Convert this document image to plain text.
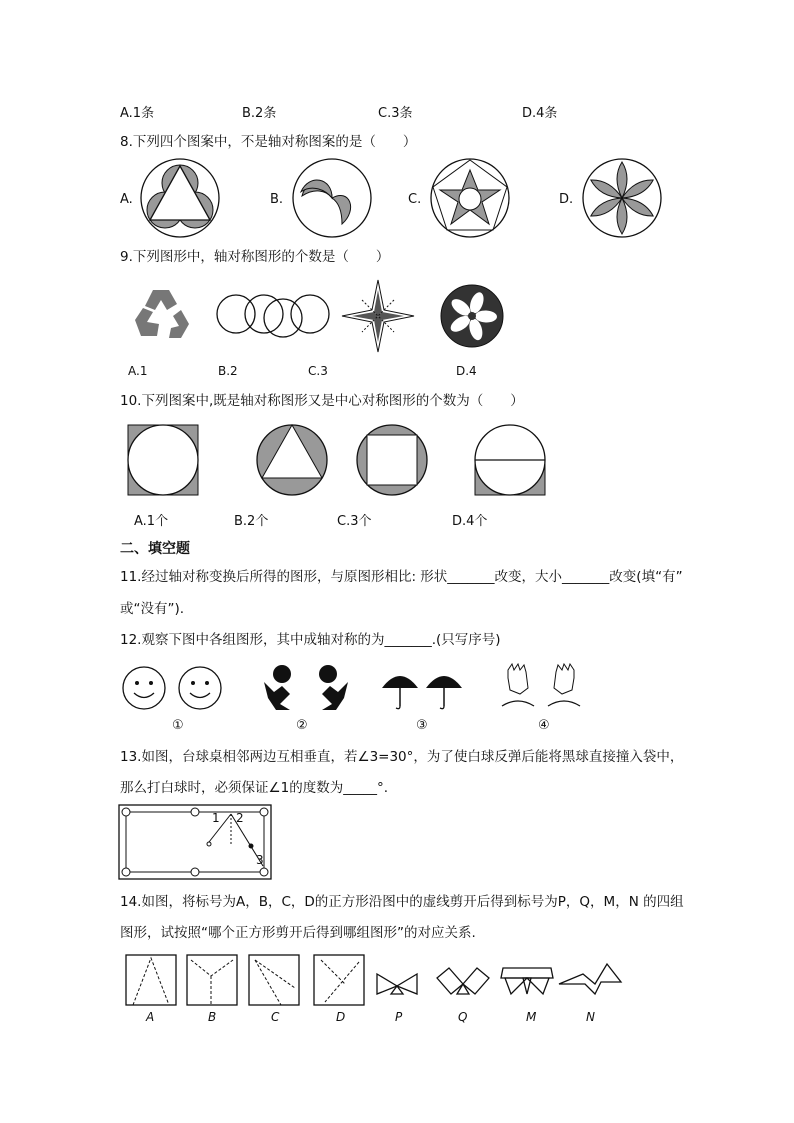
A.1条	B.2条	C.3条	D.4条
8.下列四个图案中，不是轴对称图案的是（　　）
A.	B.	C.	D.
9.下列图形中，轴对称图形的个数是（　　）
A.1	B.2	C.3	D.4
10.下列图案中,既是轴对称图形又是中心对称图形的个数为（　　）
A.1个	B.2个	C.3个	D.4个
二、填空题
11.经过轴对称变换后所得的图形，与原图形相比: 形状_______改变，大小_______改变(填“有”
或“没有”).
12.观察下图中各组图形，其中成轴对称的为_______.(只写序号)
①	②	③	④
13.如图，台球桌相邻两边互相垂直，若∠3=30°，为了使白球反弹后能将黑球直接撞入袋中，
那么打白球时，必须保证∠1的度数为_____°.
1 2
3
14.如图，将标号为A，B，C，D的正方形沿图中的虚线剪开后得到标号为P，Q，M，N 的四组
图形，试按照“哪个正方形剪开后得到哪组图形”的对应关系.
A	B	C	D	P	Q	M	N
